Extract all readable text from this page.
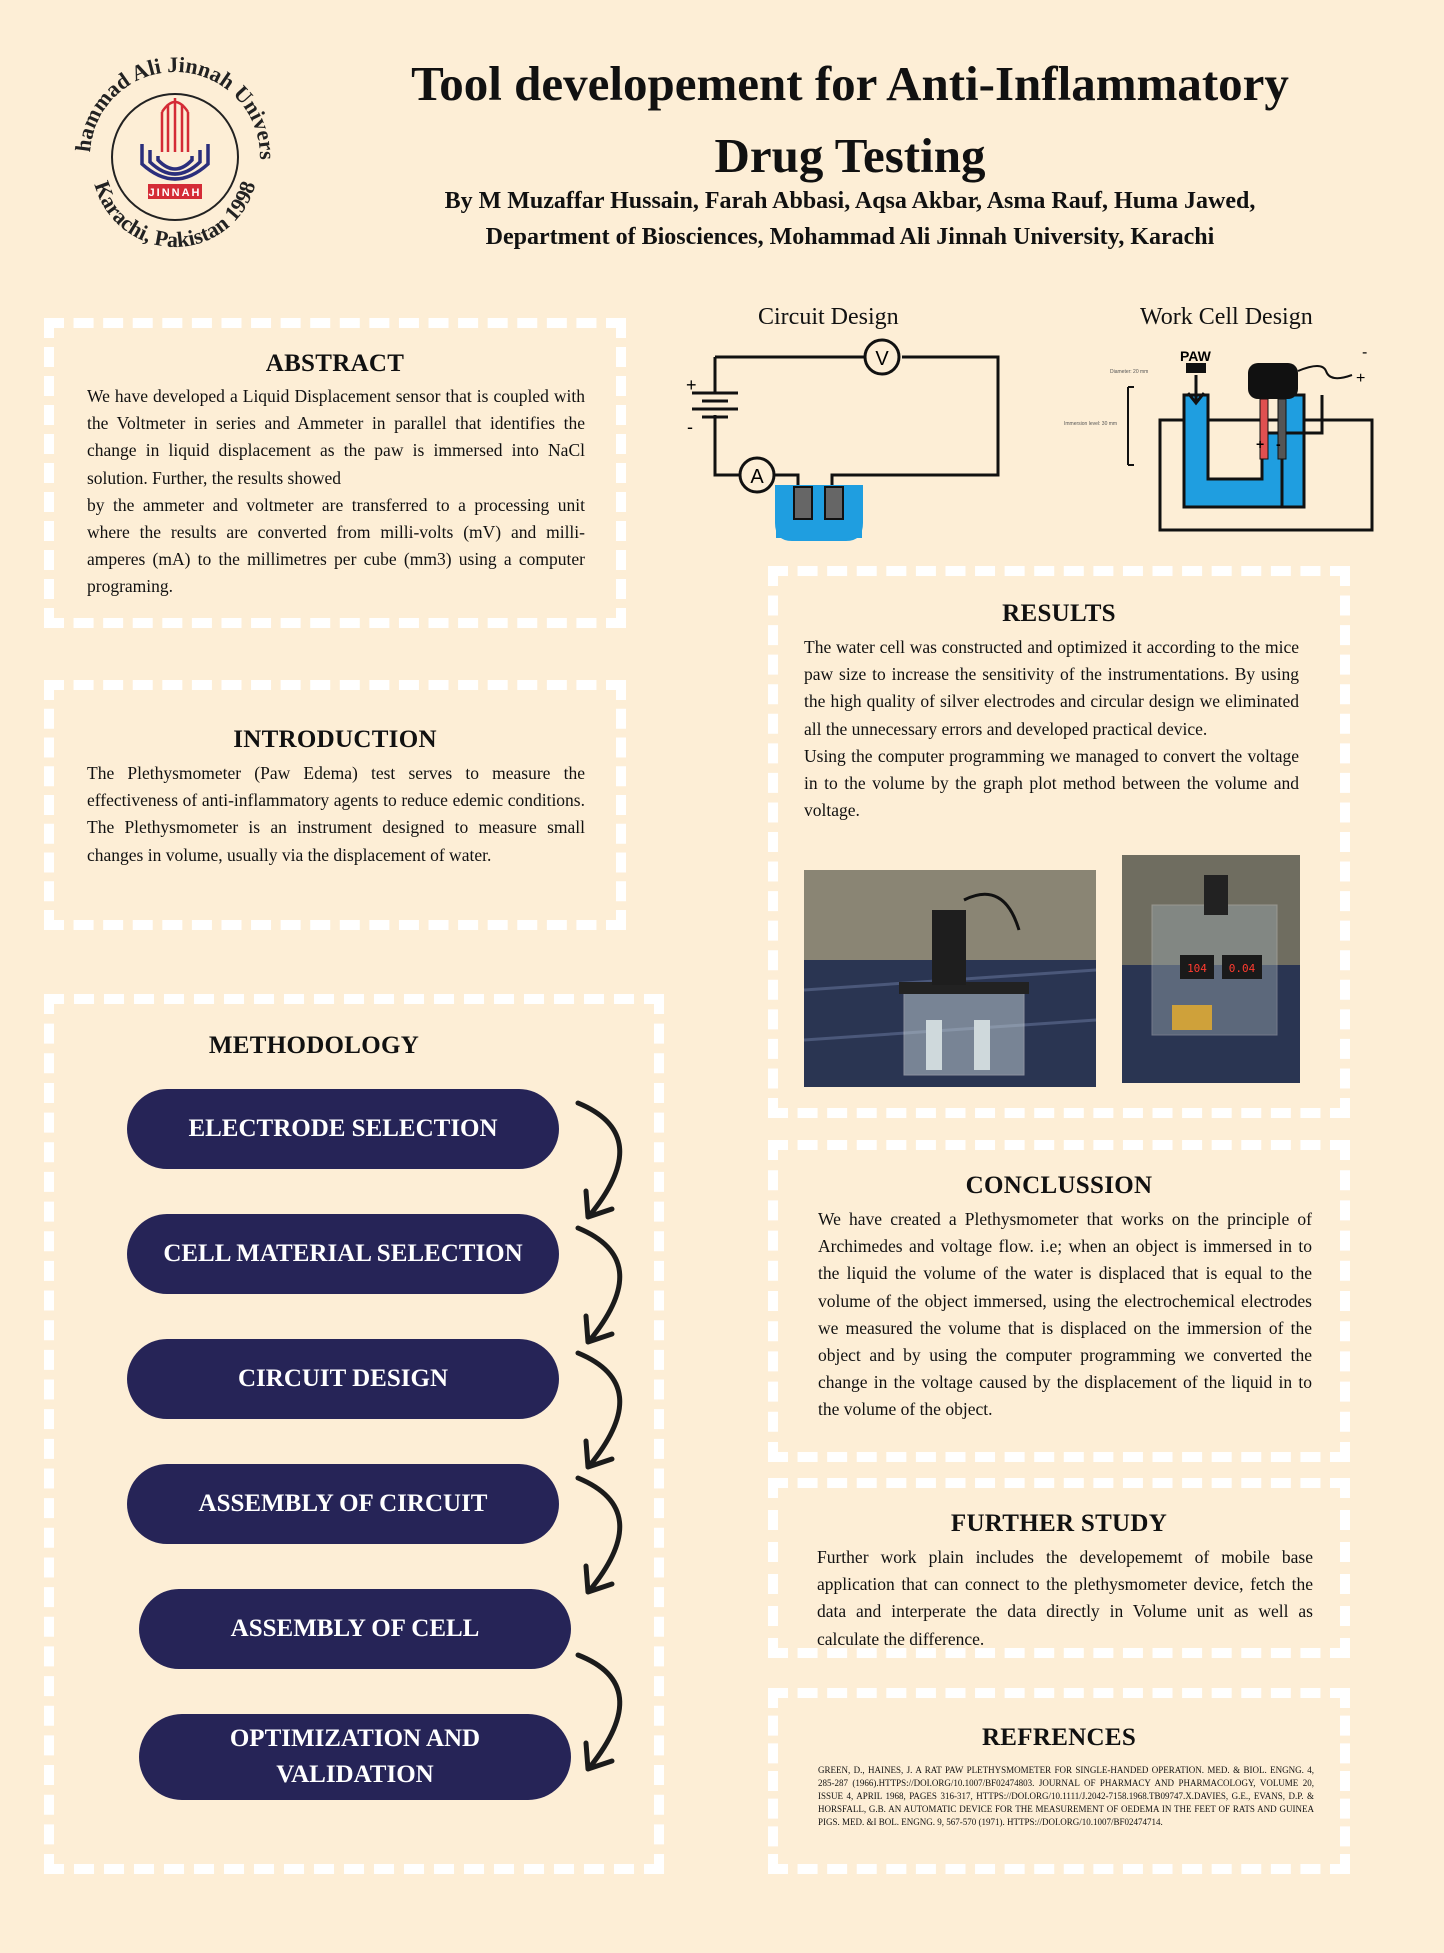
hammad Ali Jinnah Univers
Karachi, Pakistan 1998
JINNAH
Tool developement for Anti-Inflammatory
Drug Testing
By M Muzaffar Hussain, Farah Abbasi, Aqsa Akbar, Asma Rauf, Huma Jawed,
Department of Biosciences, Mohammad Ali Jinnah University, Karachi
ABSTRACT
We have developed a Liquid Displacement sensor that is coupled with the Voltmeter in series and Ammeter in parallel that identifies the change in liquid displacement as the paw is immersed into NaCl solution. Further, the results showed
by the ammeter and voltmeter are transferred to a processing unit where the results are converted from milli-volts (mV) and milli-amperes (mA) to the millimetres per cube (mm3) using a computer programing.
INTRODUCTION
The Plethysmometer (Paw Edema) test serves to measure the effectiveness of anti-inflammatory agents to reduce edemic conditions. The Plethysmometer is an instrument designed to measure small changes in volume, usually via the displacement of water.
METHODOLOGY
ELECTRODE SELECTION
CELL MATERIAL SELECTION
CIRCUIT DESIGN
ASSEMBLY OF CIRCUIT
ASSEMBLY OF CELL
OPTIMIZATION AND VALIDATION
Circuit Design	Work Cell Design
V
A
+
-
Diameter: 20 mm
Immersion level: 30 mm
PAW	-
+
+ -
RESULTS
The water cell was constructed and optimized it according to the mice paw size to increase the sensitivity of the instrumentations. By using the high quality of silver electrodes and circular design we eliminated all the unnecessary errors and developed practical device.
Using the computer programming we managed to convert the voltage in to the volume by the graph plot method between the volume and voltage.
104 0.04
CONCLUSSION
We have created a Plethysmometer that works on the principle of Archimedes and voltage flow. i.e; when an object is immersed in to the liquid the volume of the water is displaced that is equal to the volume of the object immersed, using the electrochemical electrodes we measured the volume that is displaced on the immersion of the object and by using the computer programming we converted the change in the voltage caused by the displacement of the liquid in to the volume of the object.
FURTHER STUDY
Further work plain includes the developememt of mobile base application that can connect to the plethysmometer device, fetch the data and interperate the data directly in Volume unit as well as calculate the difference.
REFRENCES
GREEN, D., HAINES, J. A RAT PAW PLETHYSMOMETER FOR SINGLE-HANDED OPERATION. MED. & BIOL. ENGNG. 4, 285-287 (1966).HTTPS://DOI.ORG/10.1007/BF02474803. JOURNAL OF PHARMACY AND PHARMACOLOGY, VOLUME 20, ISSUE 4, APRIL 1968, PAGES 316-317, HTTPS://DOI.ORG/10.1111/J.2042-7158.1968.TB09747.X.DAVIES, G.E., EVANS, D.P. & HORSFALL, G.B. AN AUTOMATIC DEVICE FOR THE MEASUREMENT OF OEDEMA IN THE FEET OF RATS AND GUINEA PIGS. MED. &I BOL. ENGNG. 9, 567-570 (1971). HTTPS://DOI.ORG/10.1007/BF02474714.
